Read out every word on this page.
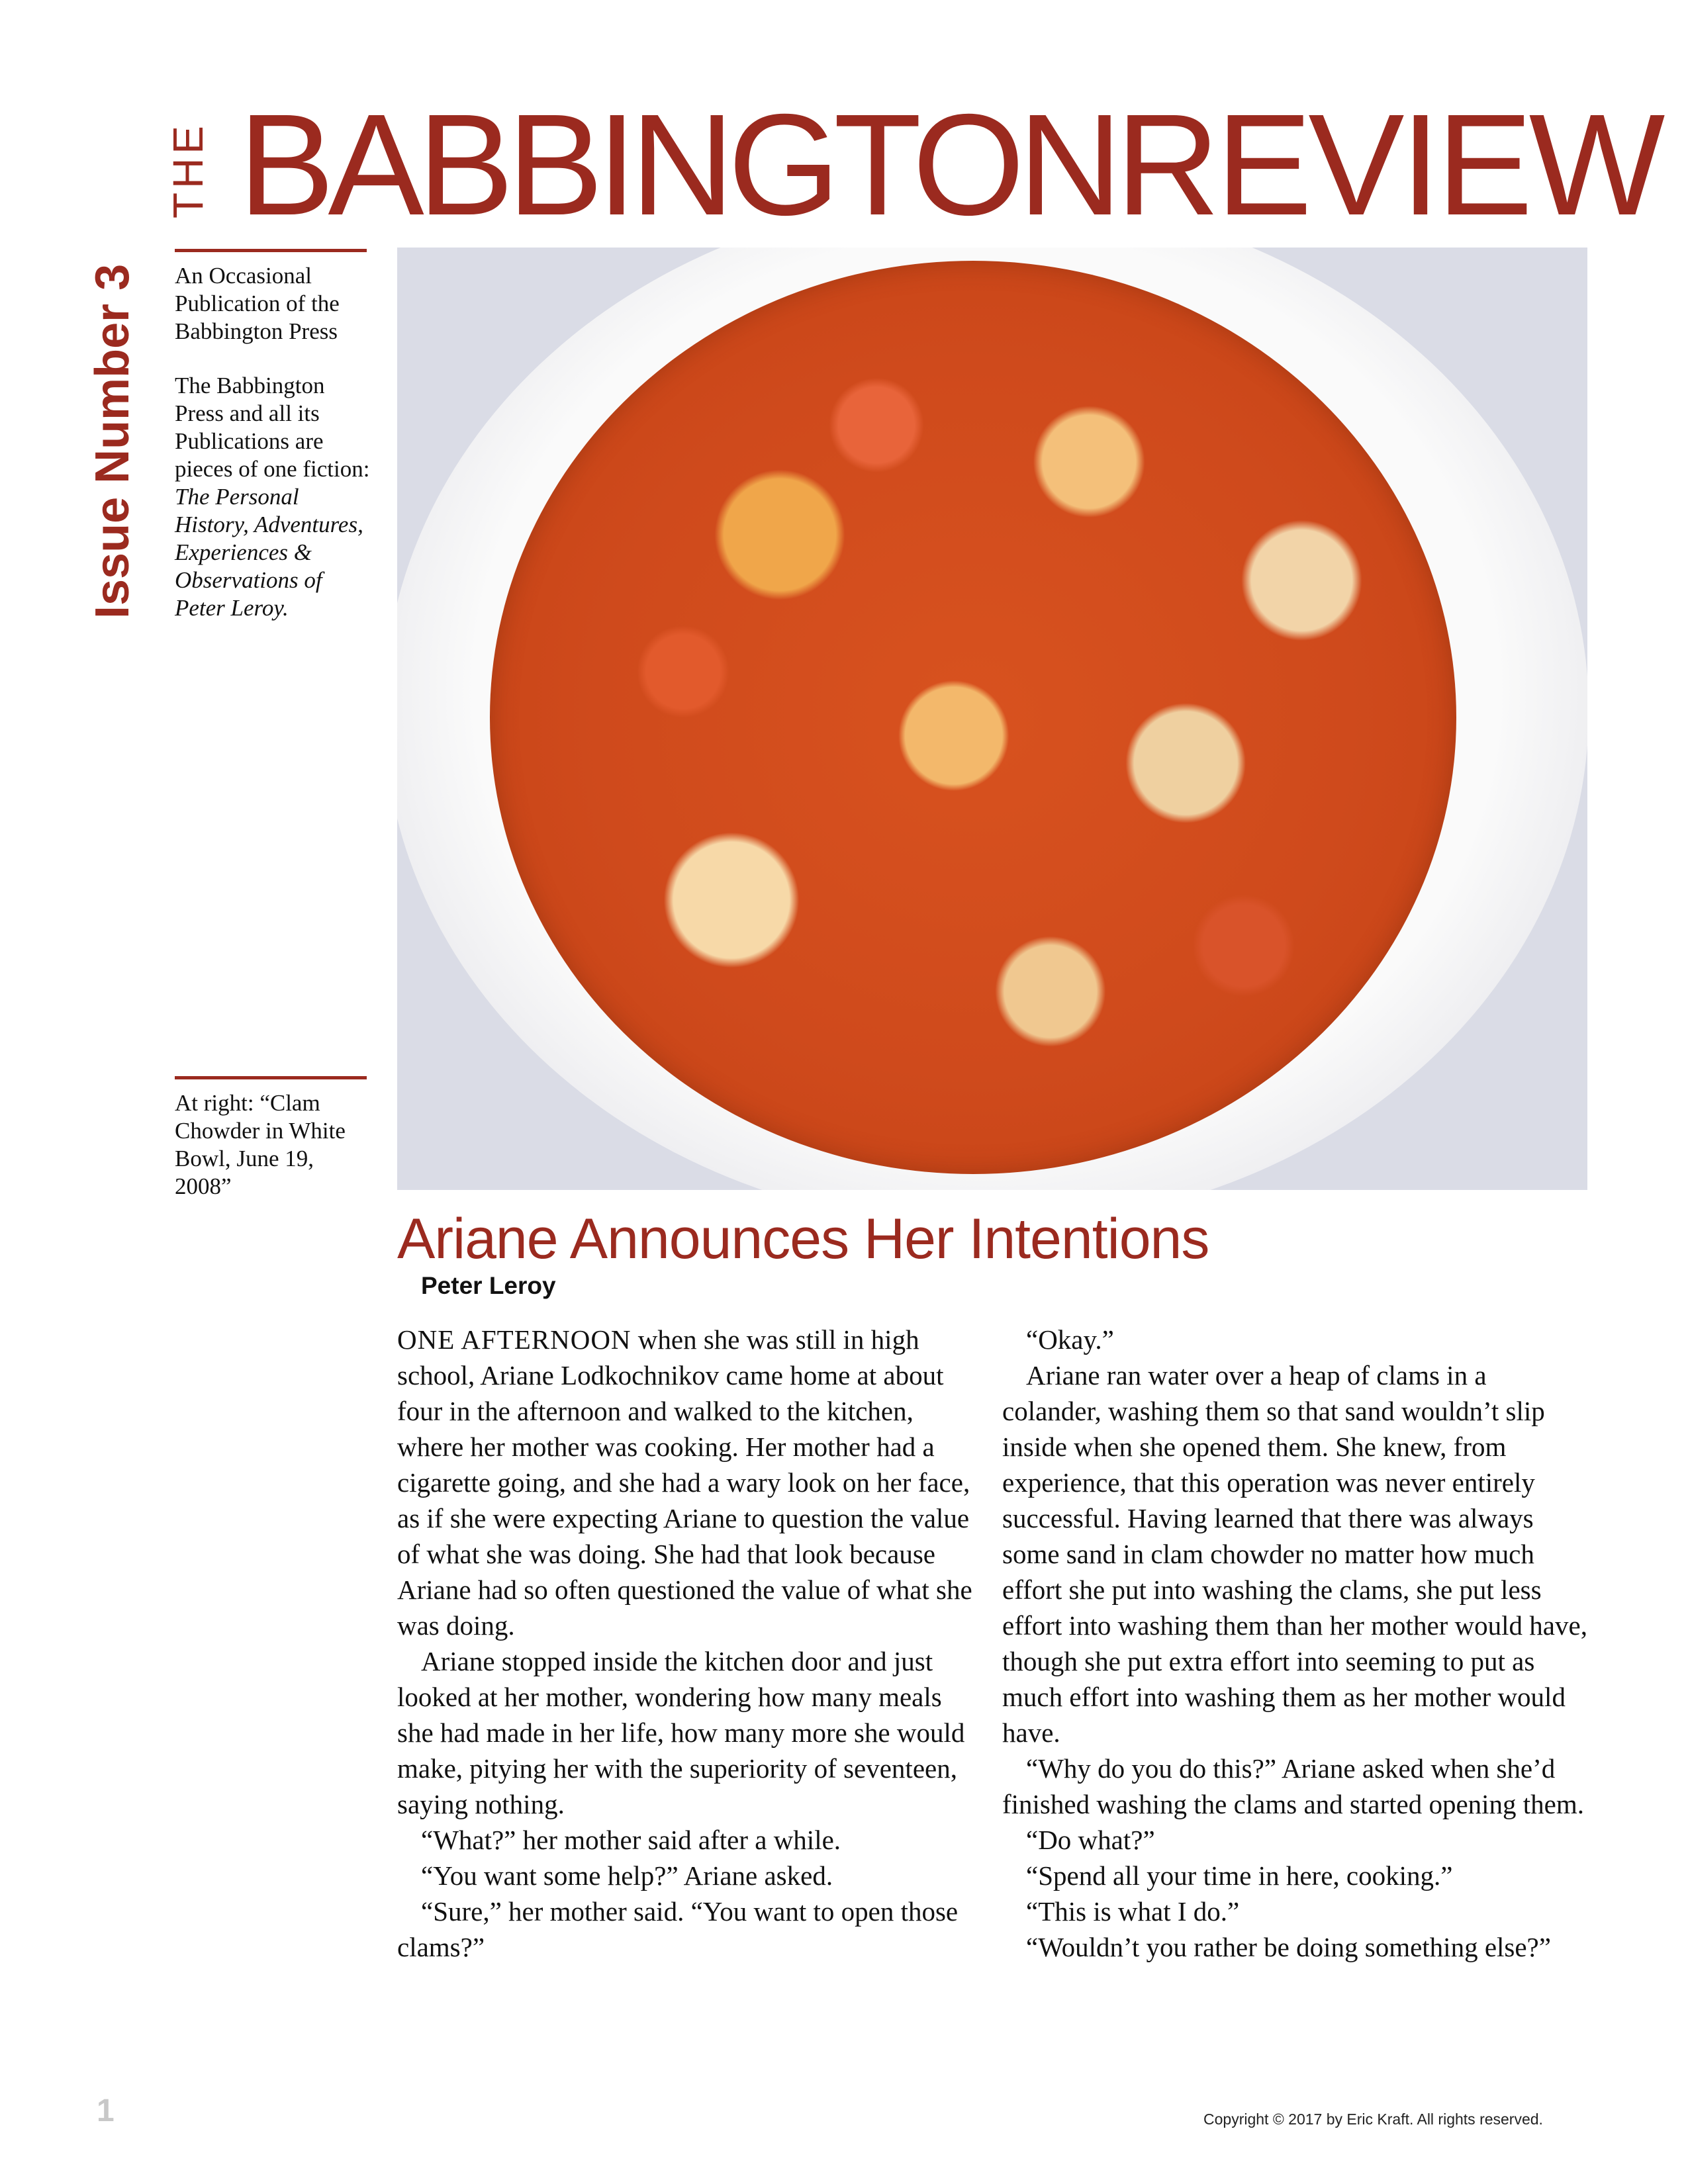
THE BABBINGTONREVIEW
Issue Number 3 An Occasional Publication of the Babbington Press

The Babbington Press and all its Publications are pieces of one fiction: The Personal History, Adventures, Experiences & Observations of Peter Leroy.

At right: “Clam Chowder in White Bowl, June 19, 2008”

Ariane Announces Her Intentions
Peter Leroy

ONE AFTERNOON when she was still in high school, Ariane Lodkochnikov came home at about four in the afternoon and walked to the kitchen, where her mother was cooking. Her mother had a cigarette going, and she had a wary look on her face, as if she were expecting Ariane to question the value of what she was doing. She had that look because Ariane had so often questioned the value of what she was doing.

Ariane stopped inside the kitchen door and just looked at her mother, wondering how many meals she had made in her life, how many more she would make, pitying her with the superiority of seventeen, saying nothing.

“What?” her mother said after a while.

“You want some help?” Ariane asked.

“Sure,” her mother said. “You want to open those clams?”

“Okay.”

Ariane ran water over a heap of clams in a colander, washing them so that sand wouldn’t slip inside when she opened them. She knew, from experience, that this operation was never entirely successful. Having learned that there was always some sand in clam chowder no matter how much effort she put into washing the clams, she put less effort into washing them than her mother would have, though she put extra effort into seeming to put as much effort into washing them as her mother would have.

“Why do you do this?” Ariane asked when she’d finished washing the clams and started opening them.

“Do what?”

“Spend all your time in here, cooking.”

“This is what I do.”

“Wouldn’t you rather be doing something else?”

1	Copyright © 2017 by Eric Kraft. All rights reserved.
